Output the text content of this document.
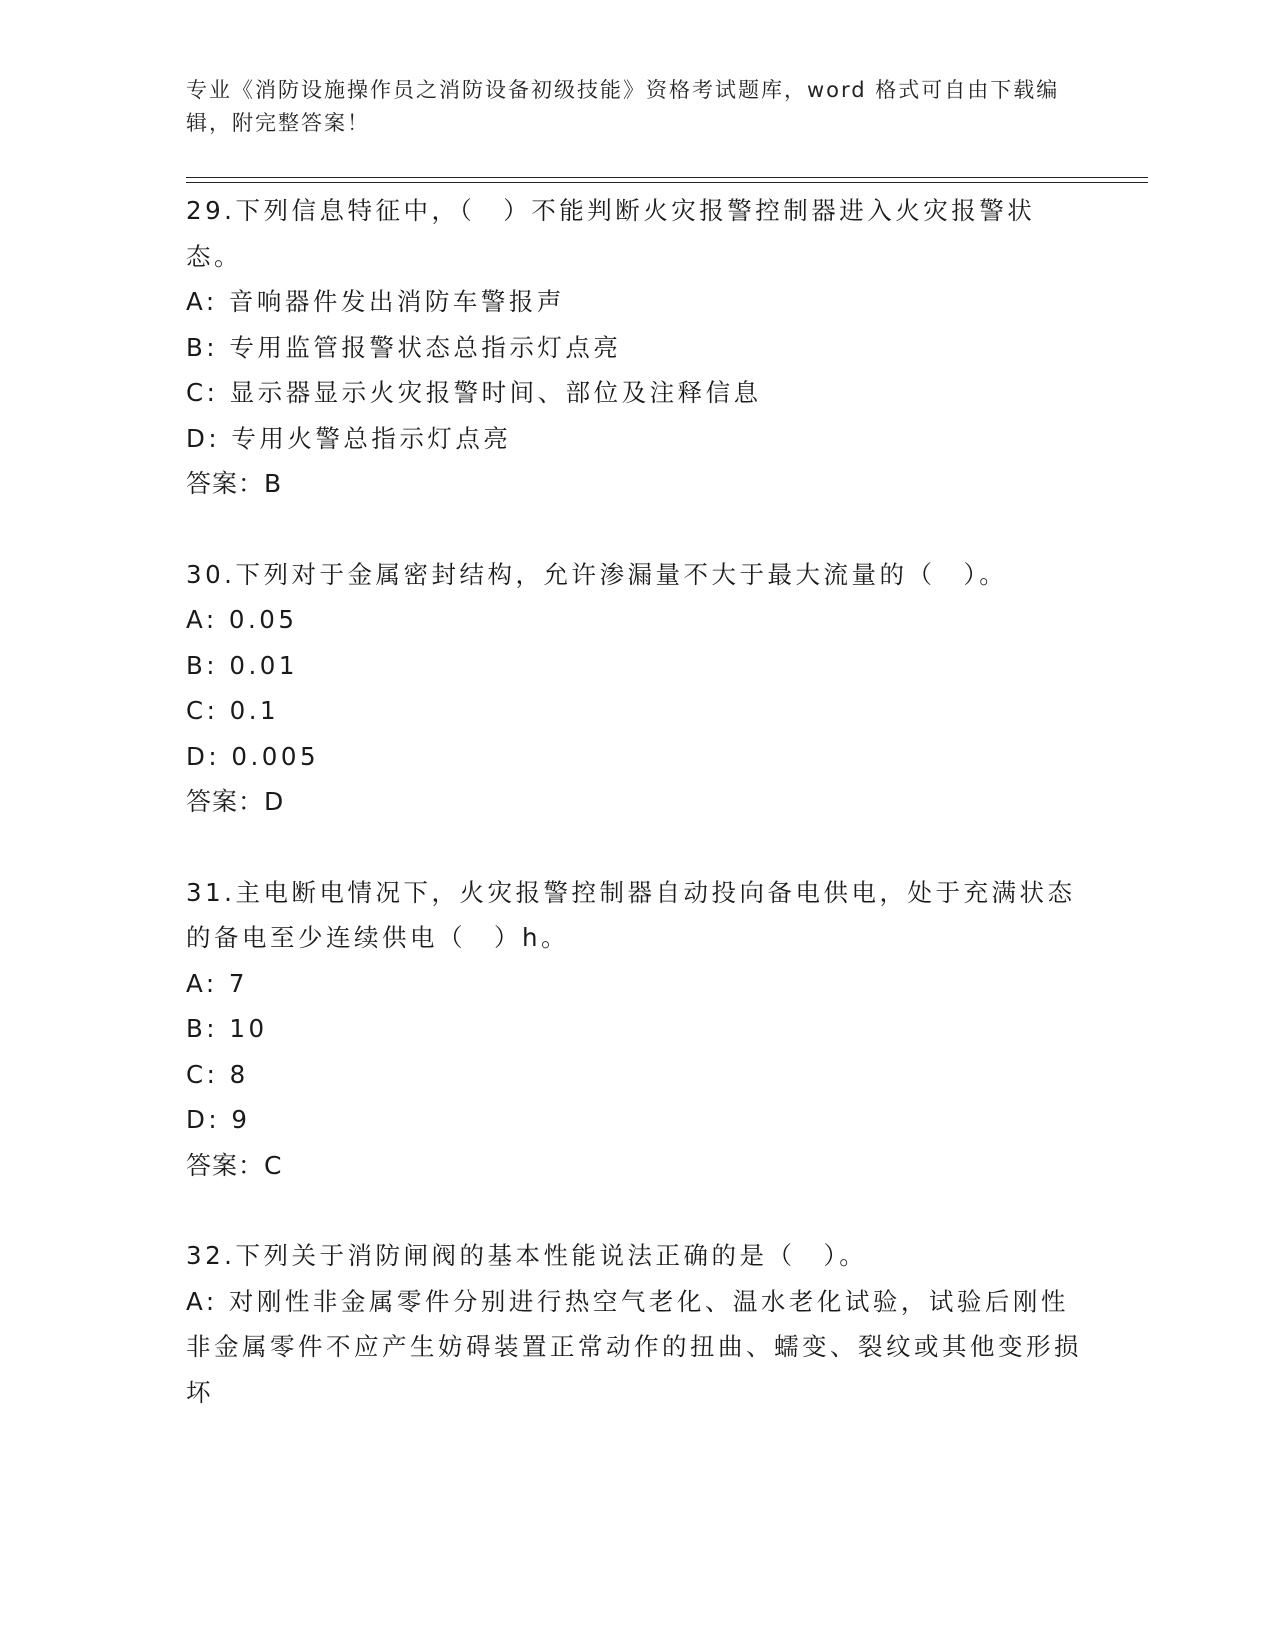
专业《消防设施操作员之消防设备初级技能》资格考试题库，word 格式可自由下载编辑，附完整答案！
29.下列信息特征中，（　）不能判断火灾报警控制器进入火灾报警状态。
A: 音响器件发出消防车警报声
B: 专用监管报警状态总指示灯点亮
C: 显示器显示火灾报警时间、部位及注释信息
D: 专用火警总指示灯点亮
答案：B
30.下列对于金属密封结构，允许渗漏量不大于最大流量的（　）。
A: 0.05
B: 0.01
C: 0.1
D: 0.005
答案：D
31.主电断电情况下，火灾报警控制器自动投向备电供电，处于充满状态的备电至少连续供电（　）h。
A: 7
B: 10
C: 8
D: 9
答案：C
32.下列关于消防闸阀的基本性能说法正确的是（　）。
A: 对刚性非金属零件分别进行热空气老化、温水老化试验，试验后刚性非金属零件不应产生妨碍装置正常动作的扭曲、蠕变、裂纹或其他变形损坏
